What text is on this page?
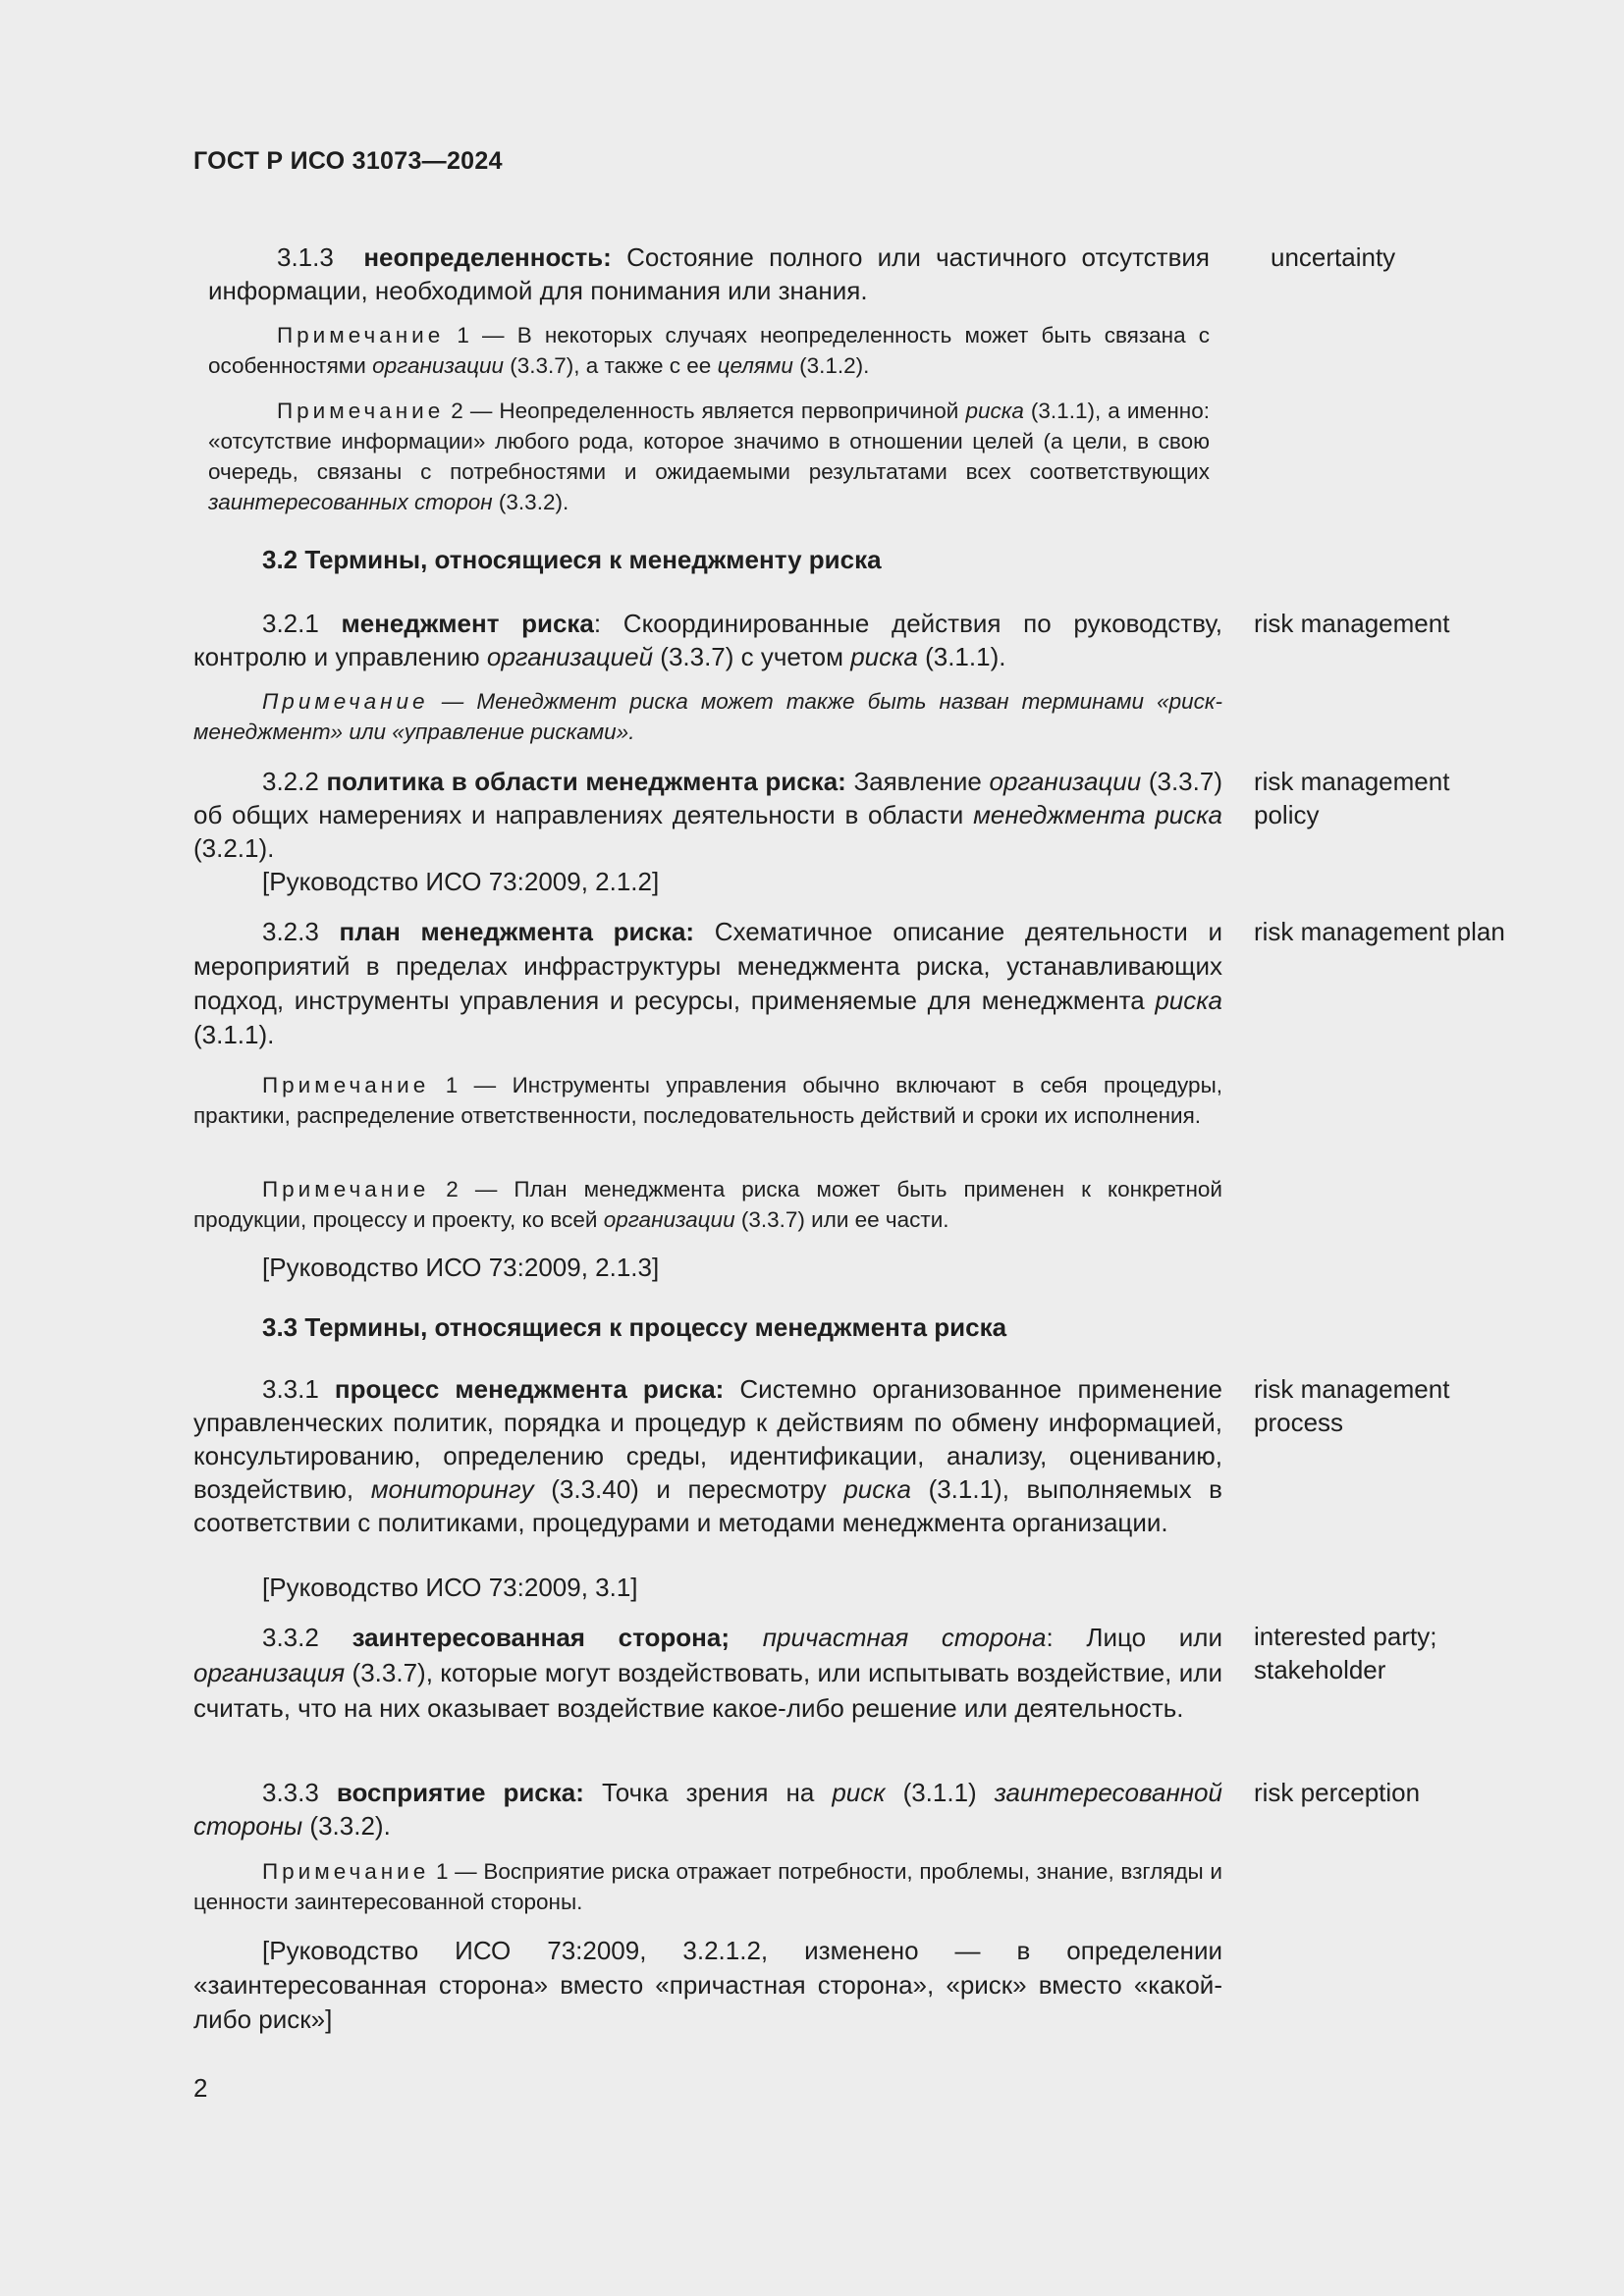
ГОСТ Р ИСО 31073—2024
3.1.3 неопределенность: Состояние полного или частичного отсутствия информации, необходимой для понимания или знания.
uncertainty
Примечание 1 — В некоторых случаях неопределенность может быть связана с особенностями организации (3.3.7), а также с ее целями (3.1.2).
Примечание 2 — Неопределенность является первопричиной риска (3.1.1), а именно: «отсутствие информации» любого рода, которое значимо в отношении целей (а цели, в свою очередь, связаны с потребностями и ожидаемыми результатами всех соответствующих заинтересованных сторон (3.3.2).
3.2 Термины, относящиеся к менеджменту риска
3.2.1 менеджмент риска: Скоординированные действия по руководству, контролю и управлению организацией (3.3.7) с учетом риска (3.1.1).
risk management
Примечание — Менеджмент риска может также быть назван терминами «риск-менеджмент» или «управление рисками».
3.2.2 политика в области менеджмента риска: Заявление организации (3.3.7) об общих намерениях и направлениях деятельности в области менеджмента риска (3.2.1).
risk management policy
[Руководство ИСО 73:2009, 2.1.2]
3.2.3 план менеджмента риска: Схематичное описание деятельности и мероприятий в пределах инфраструктуры менеджмента риска, устанавливающих подход, инструменты управления и ресурсы, применяемые для менеджмента риска (3.1.1).
risk management plan
Примечание 1 — Инструменты управления обычно включают в себя процедуры, практики, распределение ответственности, последовательность действий и сроки их исполнения.
Примечание 2 — План менеджмента риска может быть применен к конкретной продукции, процессу и проекту, ко всей организации (3.3.7) или ее части.
[Руководство ИСО 73:2009, 2.1.3]
3.3 Термины, относящиеся к процессу менеджмента риска
3.3.1 процесс менеджмента риска: Системно организованное применение управленческих политик, порядка и процедур к действиям по обмену информацией, консультированию, определению среды, идентификации, анализу, оцениванию, воздействию, мониторингу (3.3.40) и пересмотру риска (3.1.1), выполняемых в соответствии с политиками, процедурами и методами менеджмента организации.
risk management process
[Руководство ИСО 73:2009, 3.1]
3.3.2 заинтересованная сторона; причастная сторона: Лицо или организация (3.3.7), которые могут воздействовать, или испытывать воздействие, или считать, что на них оказывает воздействие какое-либо решение или деятельность.
interested party; stakeholder
3.3.3 восприятие риска: Точка зрения на риск (3.1.1) заинтересованной стороны (3.3.2).
risk perception
Примечание 1 — Восприятие риска отражает потребности, проблемы, знание, взгляды и ценности заинтересованной стороны.
[Руководство ИСО 73:2009, 3.2.1.2, изменено — в определении «заинтересованная сторона» вместо «причастная сторона», «риск» вместо «какой-либо риск»]
2
